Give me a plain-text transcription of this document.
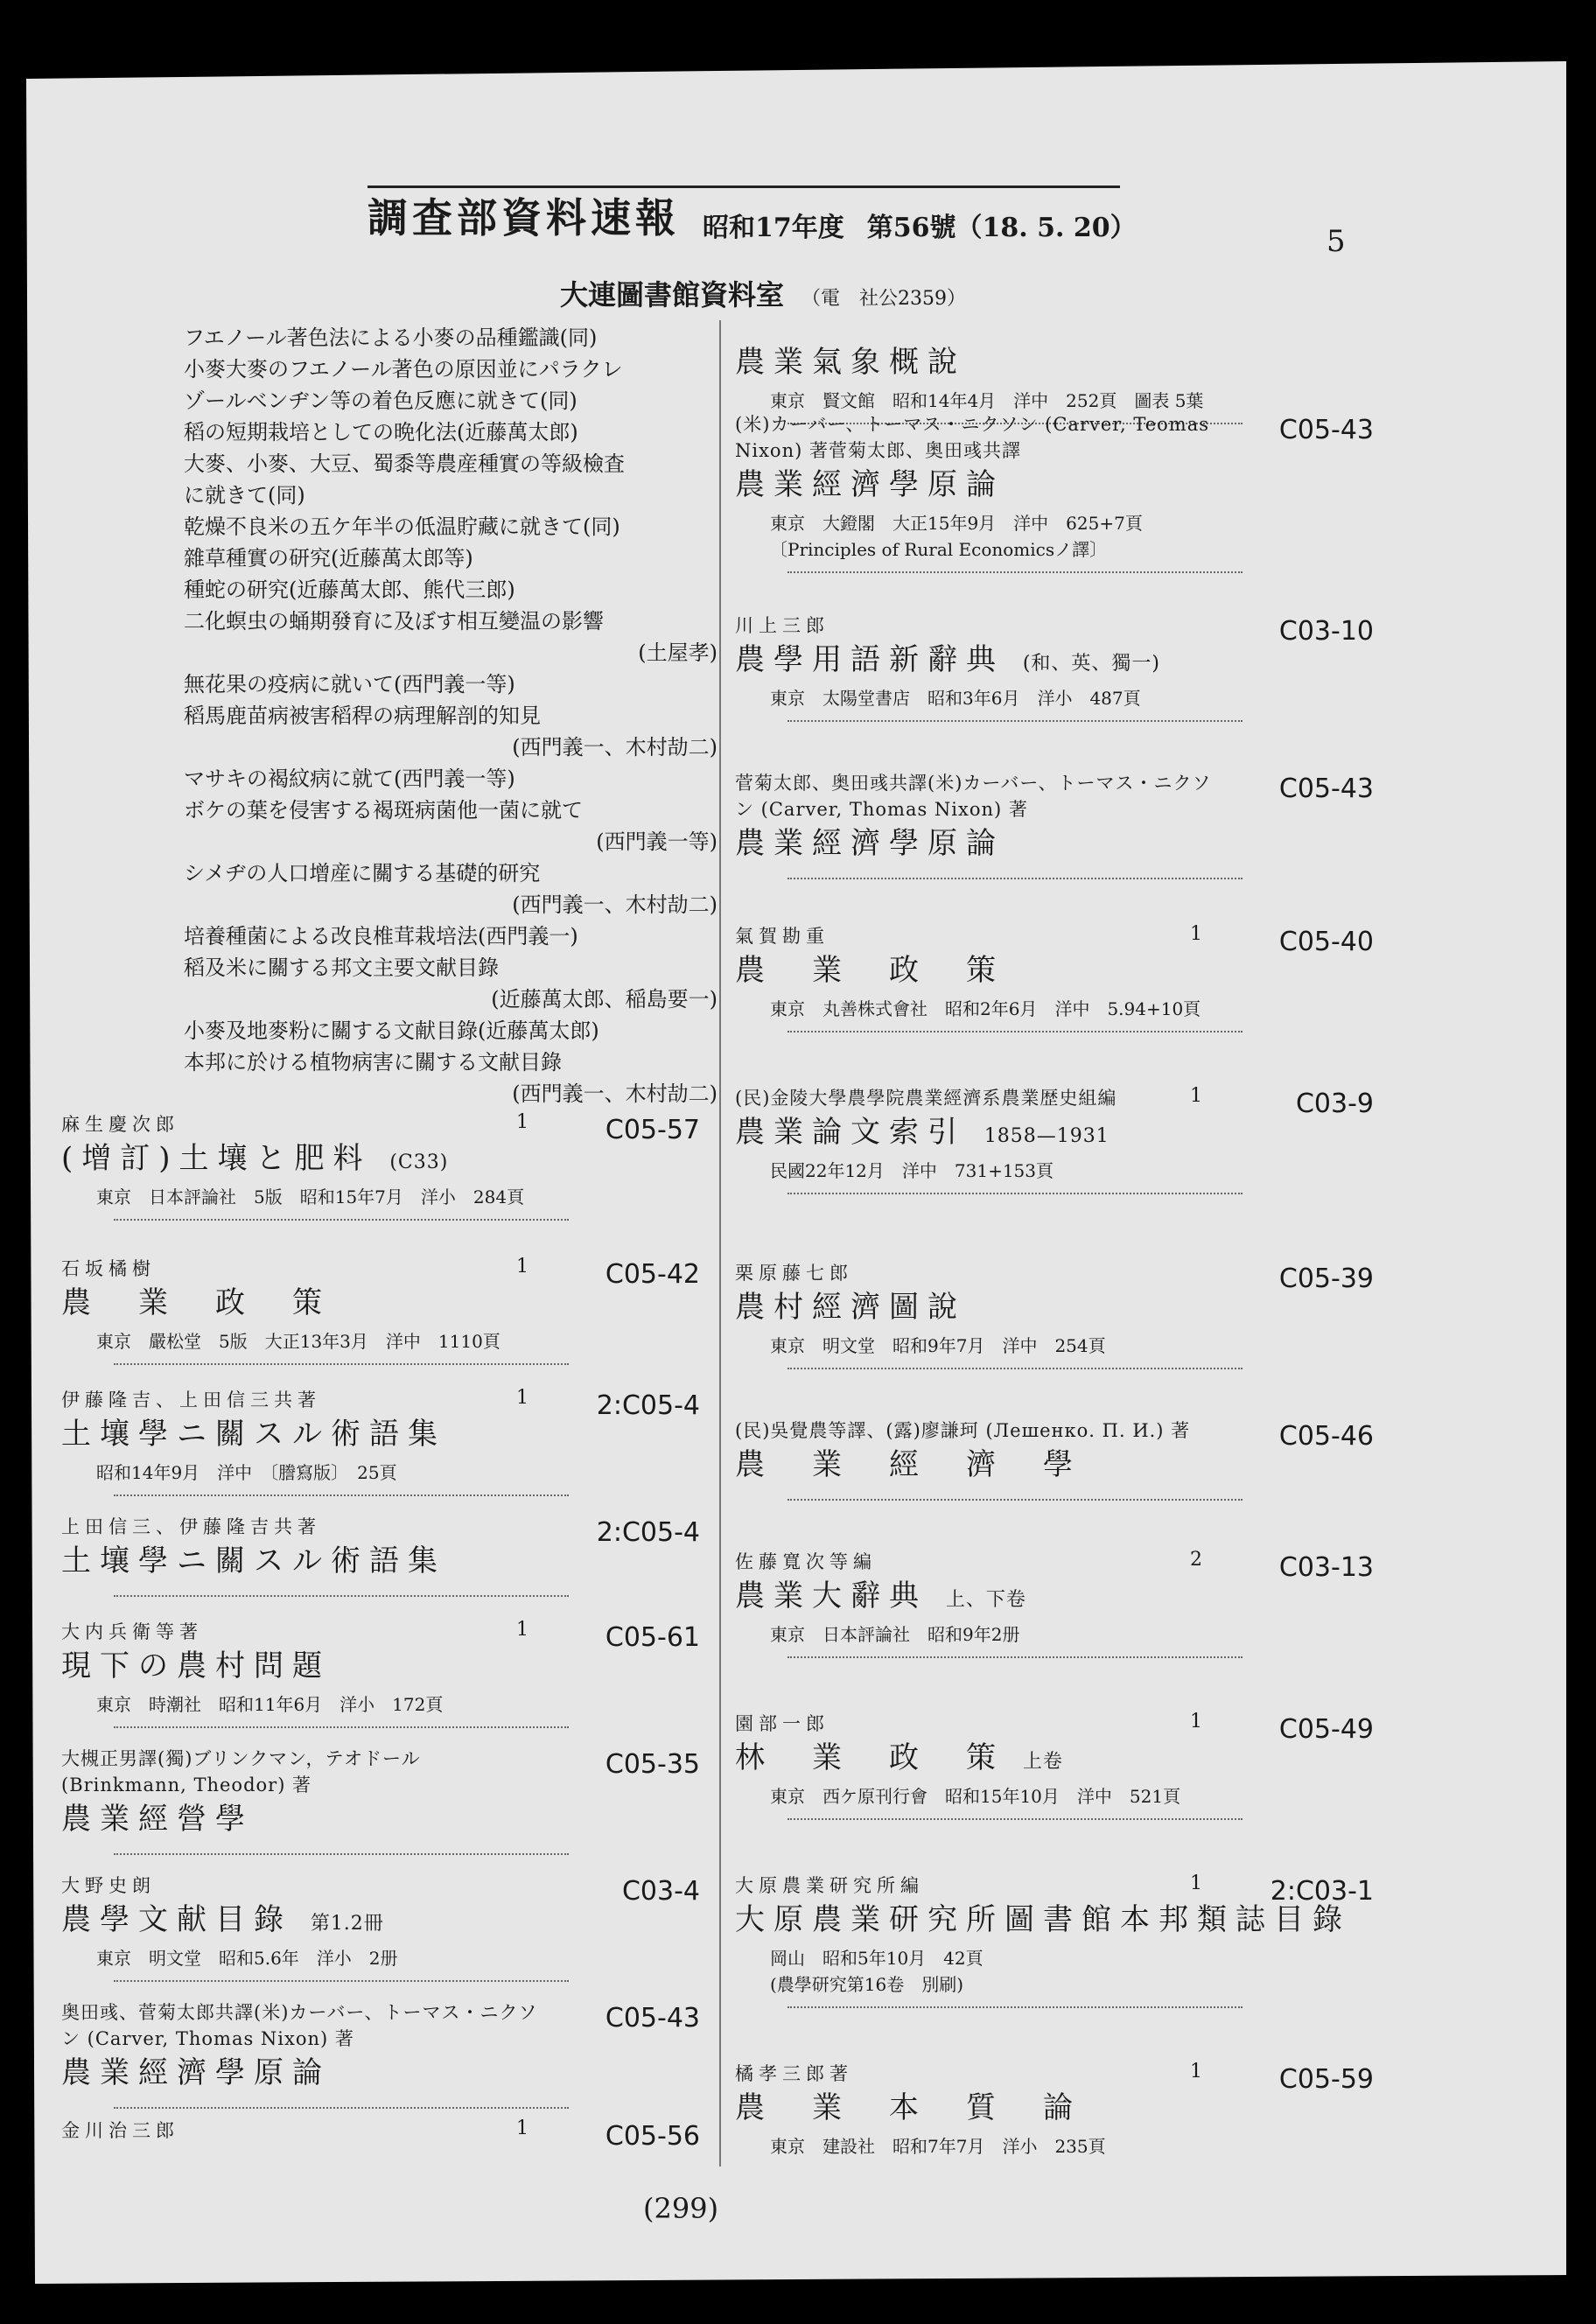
調査部資料速報 昭和17年度 第56號（18. 5. 20）	5
大連圖書館資料室 （電　社公2359）
フエノール著色法による小麥の品種鑑識(同)
小麥大麥のフエノール著色の原因並にパラクレ
ゾールベンヂン等の着色反應に就きて(同)
稻の短期栽培としての晩化法(近藤萬太郎)
大麥、小麥、大豆、蜀黍等農産種實の等級檢査
に就きて(同)
乾燥不良米の五ケ年半の低温貯藏に就きて(同)
雜草種實の研究(近藤萬太郎等)
種蛇の研究(近藤萬太郎、熊代三郎)
二化螟虫の蛹期發育に及ぼす相互變温の影響
(土屋孝)
無花果の疫病に就いて(西門義一等)
稻馬鹿苗病被害稻稈の病理解剖的知見
(西門義一、木村劼二)
マサキの褐紋病に就て(西門義一等)
ボケの葉を侵害する褐斑病菌他一菌に就て
(西門義一等)
シメヂの人口增産に關する基礎的研究
(西門義一、木村劼二)
培養種菌による改良椎茸栽培法(西門義一)
稻及米に關する邦文主要文献目錄
(近藤萬太郎、稲島要一)
小麥及地麥粉に關する文献目錄(近藤萬太郎)
本邦に於ける植物病害に關する文献目錄
(西門義一、木村劼二)
麻生慶次郎	1	C05-57
(增訂)土壤と肥料 (C33)
東京　日本評論社　5版　昭和15年7月　洋小　284頁
石坂橘樹	1	C05-42
農　業　政　策
東京　嚴松堂　5版　大正13年3月　洋中　1110頁
伊藤隆吉、上田信三共著	1	2:C05-4
土壤學ニ關スル術語集
昭和14年9月　洋中　〔謄寫版〕　25頁
上田信三、伊藤隆吉共著	2:C05-4
土壤學ニ關スル術語集
大内兵衛等著	1	C05-61
現下の農村問題
東京　時潮社　昭和11年6月　洋小　172頁
大槻正男譯(獨)ブリンクマン，テオドール (Brinkmann, Theodor) 著
C05-35
農業經營學
大野史朗	C03-4
農學文献目錄 第1.2冊
東京　明文堂　昭和5.6年　洋小　2册
奥田彧、菅菊太郎共譯(米)カーバー、トーマス・ニクソン (Carver, Thomas Nixon) 著
C05-43
農業經濟學原論
金川治三郎	1	C05-56
農業氣象概說
東京　賢文館　昭和14年4月　洋中　252頁　圖表 5葉
(米)カーバー、トーマス・ニクソン (Carver, Teomas Nixon) 著菅菊太郎、奥田彧共譯
C05-43
農業經濟學原論
東京　大鐙閣　大正15年9月　洋中　625+7頁
〔Principles of Rural Economicsノ譯〕
川上三郎	C03-10
農學用語新辭典 (和、英、獨一)
東京　太陽堂書店　昭和3年6月　洋小　487頁
菅菊太郎、奥田彧共譯(米)カーバー、トーマス・ニクソン (Carver, Thomas Nixon) 著
C05-43
農業經濟學原論
氣賀勘重	1	C05-40
農　業　政　策
東京　丸善株式會社　昭和2年6月　洋中　5.94+10頁
(民)金陵大學農學院農業經濟系農業歴史組編	1	C03-9
農業論文索引 1858—1931
民國22年12月　洋中　731+153頁
栗原藤七郎	C05-39
農村經濟圖說
東京　明文堂　昭和9年7月　洋中　254頁
(民)吳覺農等譯、(露)廖謙珂 (Лешенко. П. И.) 著	C05-46
農　業　經　濟　學
佐藤寬次等編	2	C03-13
農業大辭典 上、下卷
東京　日本評論社　昭和9年2册
園部一郎	1	C05-49
林　業　政　策 上卷
東京　西ケ原刊行會　昭和15年10月　洋中　521頁
大原農業研究所編	1	2:C03-1
大原農業研究所圖書館本邦類誌目錄
岡山　昭和5年10月　42頁
(農學研究第16卷　別刷)
橘孝三郎著	1	C05-59
農　業　本　質　論
東京　建設社　昭和7年7月　洋小　235頁
(299)
